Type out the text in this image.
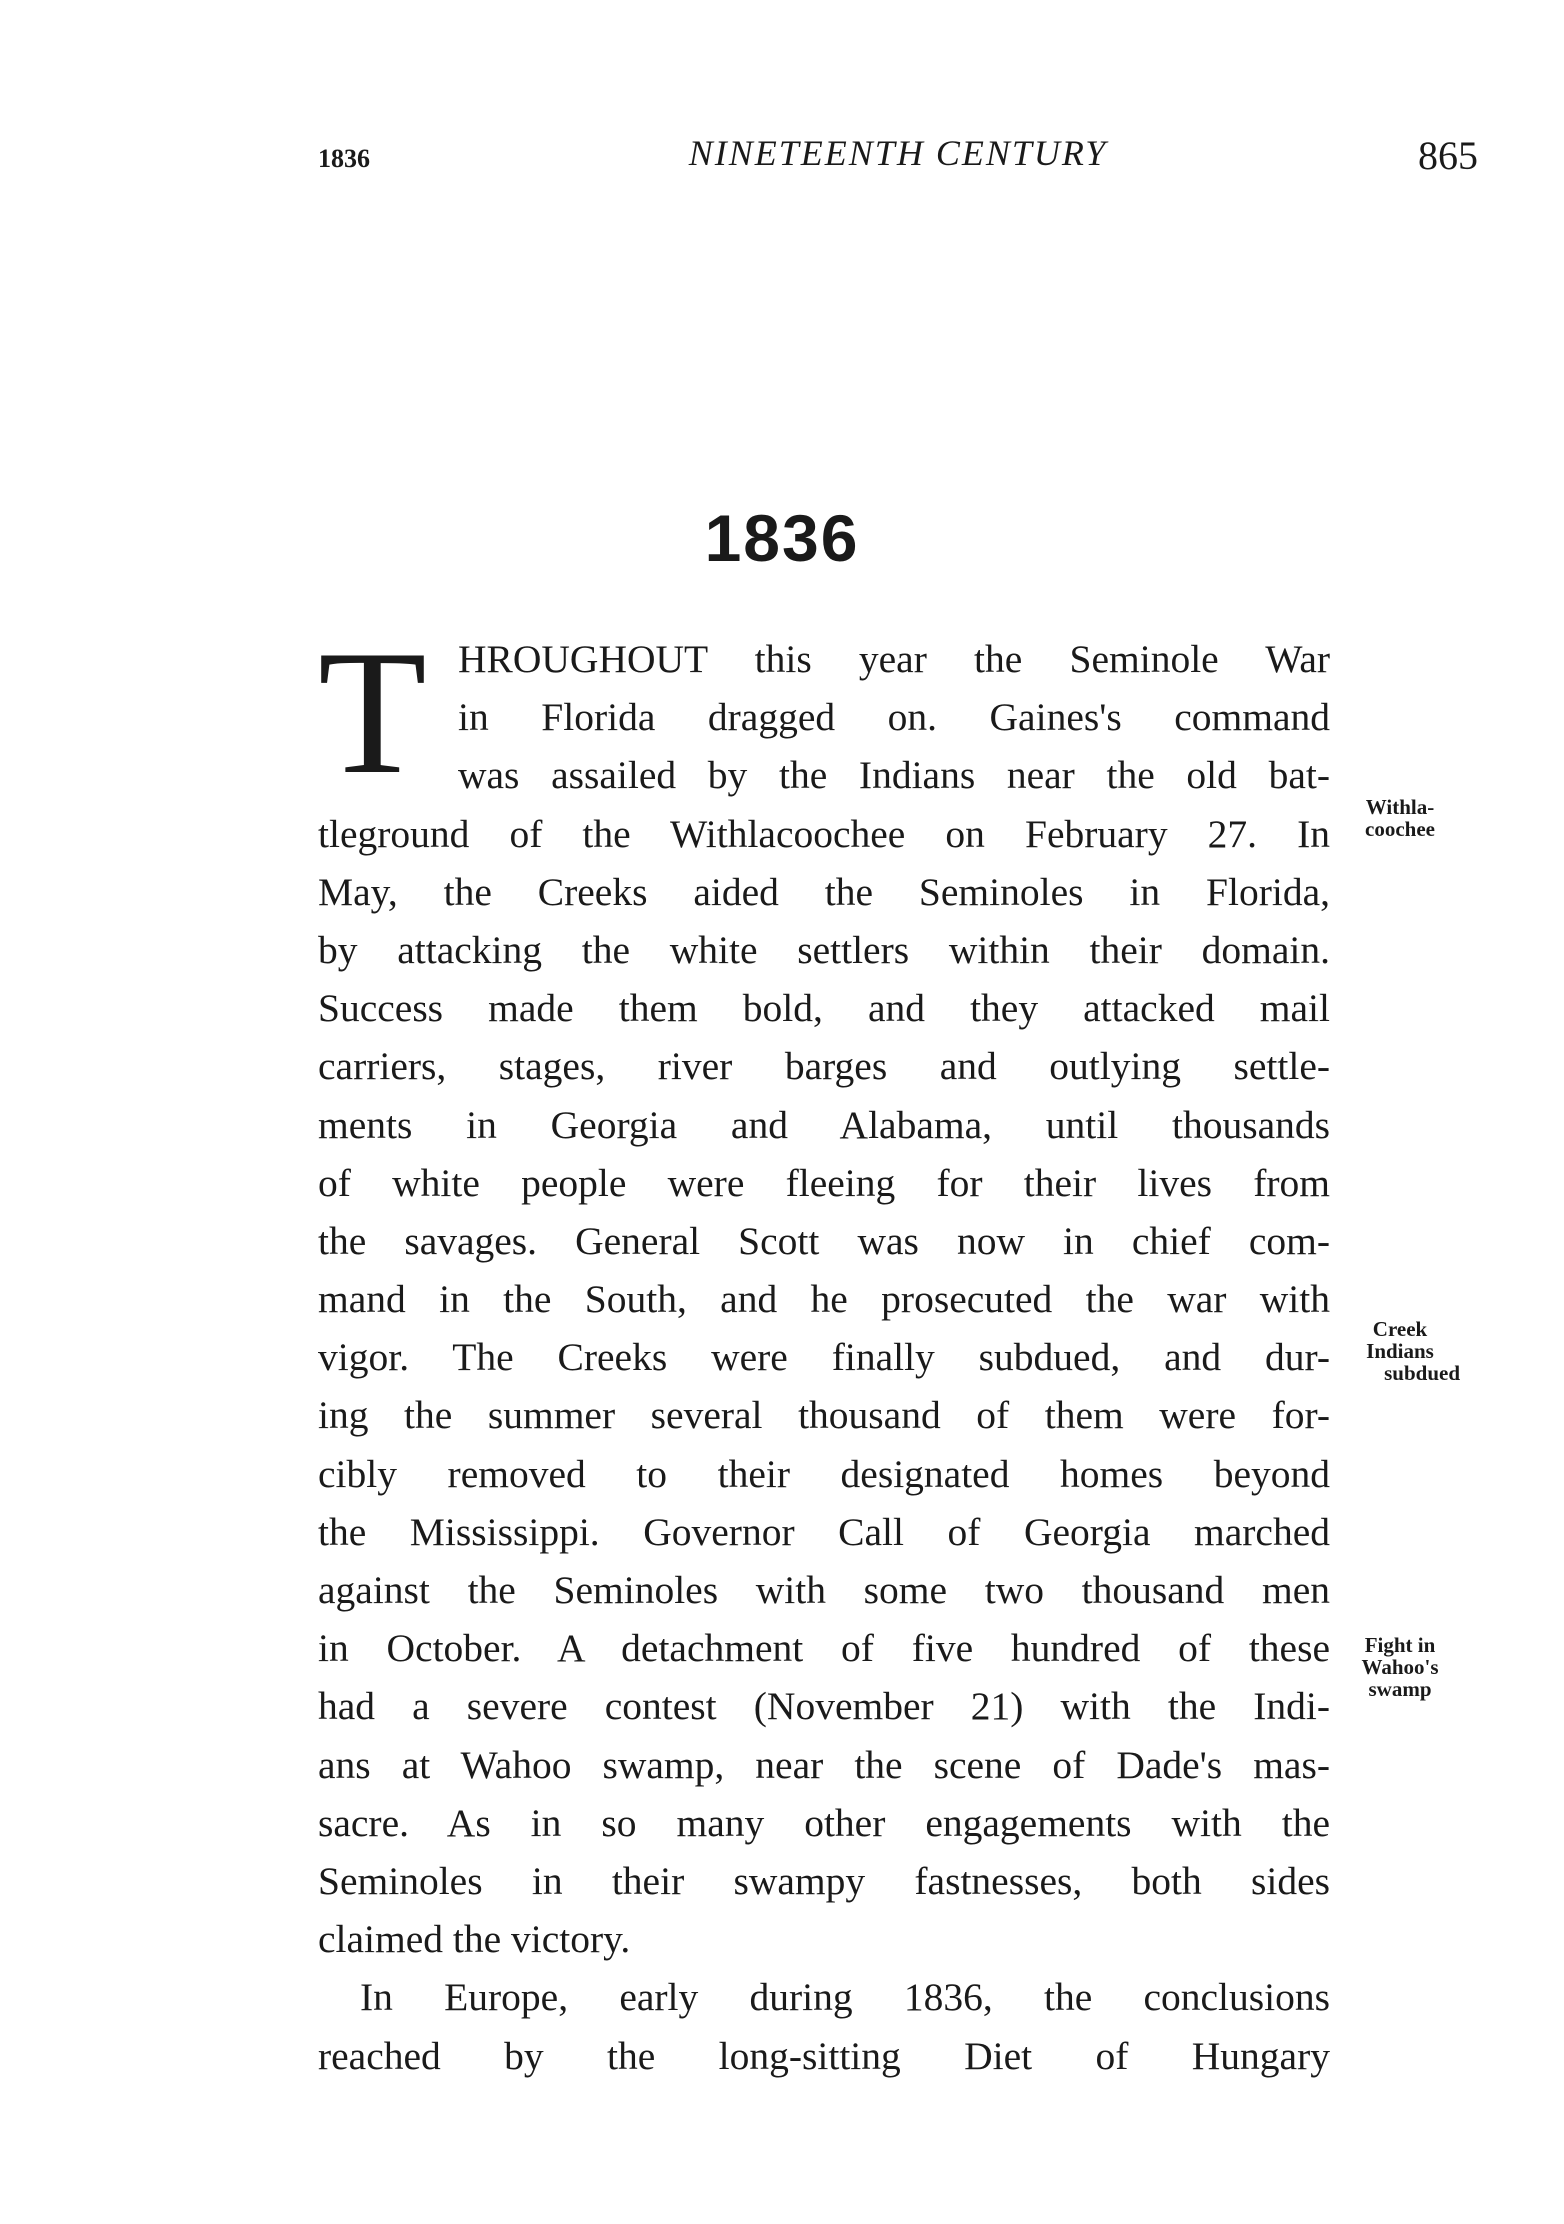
1836	NINETEENTH CENTURY	865
1836

T HROUGHOUT this year the Seminole War
in Florida dragged on. Gaines's command
was assailed by the Indians near the old bat-
tleground of the Withlacoochee on February 27. In
May, the Creeks aided the Seminoles in Florida,
by attacking the white settlers within their domain.
Success made them bold, and they attacked mail
carriers, stages, river barges and outlying settle-
ments in Georgia and Alabama, until thousands
of white people were fleeing for their lives from
the savages. General Scott was now in chief com-
mand in the South, and he prosecuted the war with
vigor. The Creeks were finally subdued, and dur-
ing the summer several thousand of them were for-
cibly removed to their designated homes beyond
the Mississippi. Governor Call of Georgia marched
against the Seminoles with some two thousand men
in October. A detachment of five hundred of these
had a severe contest (November 21) with the Indi-
ans at Wahoo swamp, near the scene of Dade's mas-
sacre. As in so many other engagements with the
Seminoles in their swampy fastnesses, both sides
claimed the victory.

In Europe, early during 1836, the conclusions
reached by the long-sitting Diet of Hungary

Withla-
coochee
Creek
Indians
subdued
Fight in
Wahoo's
swamp
